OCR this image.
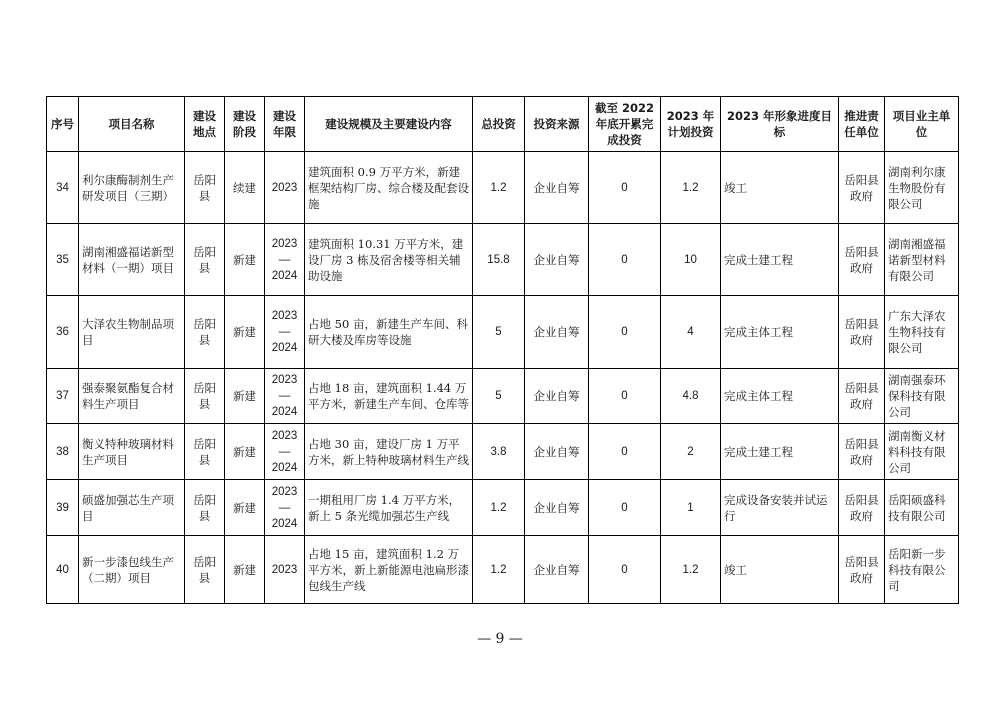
序号	项目名称	建设地点	建设阶段	建设年限	建设规模及主要建设内容	总投资	投资来源	截至 2022 年底开累完成投资	2023 年计划投资	2023 年形象进度目标	推进责任单位	项目业主单位
34	利尔康酶制剂生产研发项目（三期）	岳阳县	续建	2023	建筑面积 0.9 万平方米，新建框架结构厂房、综合楼及配套设施	1.2	企业自筹	0	1.2	竣工	岳阳县政府	湖南利尔康生物股份有限公司
35	湖南湘盛福诺新型材料（一期）项目	岳阳县	新建	2023—2024	建筑面积 10.31 万平方米，建设厂房 3 栋及宿舍楼等相关辅助设施	15.8	企业自筹	0	10	完成土建工程	岳阳县政府	湖南湘盛福诺新型材料有限公司
36	大泽农生物制品项目	岳阳县	新建	2023—2024	占地 50 亩，新建生产车间、科研大楼及库房等设施	5	企业自筹	0	4	完成主体工程	岳阳县政府	广东大泽农生物科技有限公司
37	强泰聚氨酯复合材料生产项目	岳阳县	新建	2023—2024	占地 18 亩，建筑面积 1.44 万平方米，新建生产车间、仓库等	5	企业自筹	0	4.8	完成主体工程	岳阳县政府	湖南强泰环保科技有限公司
38	衡义特种玻璃材料生产项目	岳阳县	新建	2023—2024	占地 30 亩，建设厂房 1 万平方米，新上特种玻璃材料生产线	3.8	企业自筹	0	2	完成土建工程	岳阳县政府	湖南衡义材料科技有限公司
39	硕盛加强芯生产项目	岳阳县	新建	2023—2024	一期租用厂房 1.4 万平方米，新上 5 条光缆加强芯生产线	1.2	企业自筹	0	1	完成设备安装并试运行	岳阳县政府	岳阳硕盛科技有限公司
40	新一步漆包线生产（二期）项目	岳阳县	新建	2023	占地 15 亩，建筑面积 1.2 万平方米，新上新能源电池扁形漆包线生产线	1.2	企业自筹	0	1.2	竣工	岳阳县政府	岳阳新一步科技有限公司
— 9 —
